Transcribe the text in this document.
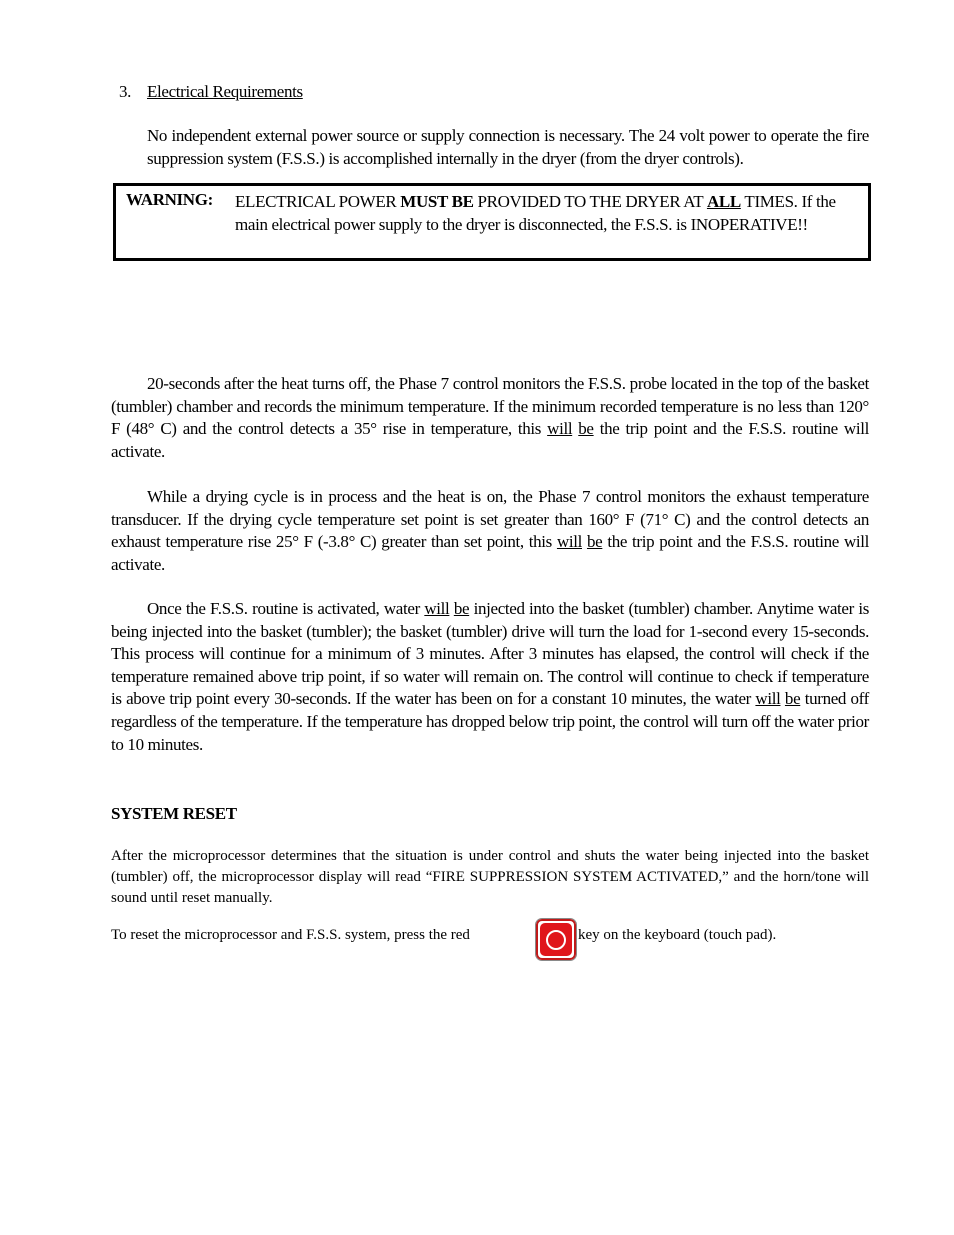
3. Electrical Requirements
No independent external power source or supply connection is necessary. The 24 volt power to operate the fire suppression system (F.S.S.) is accomplished internally in the dryer (from the dryer controls).
WARNING: ELECTRICAL POWER MUST BE PROVIDED TO THE DRYER AT ALL TIMES. If the main electrical power supply to the dryer is disconnected, the F.S.S. is INOPERATIVE!!
20-seconds after the heat turns off, the Phase 7 control monitors the F.S.S. probe located in the top of the basket (tumbler) chamber and records the minimum temperature. If the minimum recorded temperature is no less than 120° F (48° C) and the control detects a 35° rise in temperature, this will be the trip point and the F.S.S. routine will activate.
While a drying cycle is in process and the heat is on, the Phase 7 control monitors the exhaust temperature transducer. If the drying cycle temperature set point is set greater than 160° F (71° C) and the control detects an exhaust temperature rise 25° F (-3.8° C) greater than set point, this will be the trip point and the F.S.S. routine will activate.
Once the F.S.S. routine is activated, water will be injected into the basket (tumbler) chamber. Anytime water is being injected into the basket (tumbler); the basket (tumbler) drive will turn the load for 1-second every 15-seconds. This process will continue for a minimum of 3 minutes. After 3 minutes has elapsed, the control will check if the temperature remained above trip point, if so water will remain on. The control will continue to check if temperature is above trip point every 30-seconds. If the water has been on for a constant 10 minutes, the water will be turned off regardless of the temperature. If the temperature has dropped below trip point, the control will turn off the water prior to 10 minutes.
SYSTEM RESET
After the microprocessor determines that the situation is under control and shuts the water being injected into the basket (tumbler) off, the microprocessor display will read “FIRE SUPPRESSION SYSTEM ACTIVATED,” and the horn/tone will sound until reset manually.
To reset the microprocessor and F.S.S. system, press the red	key on the keyboard (touch pad).
